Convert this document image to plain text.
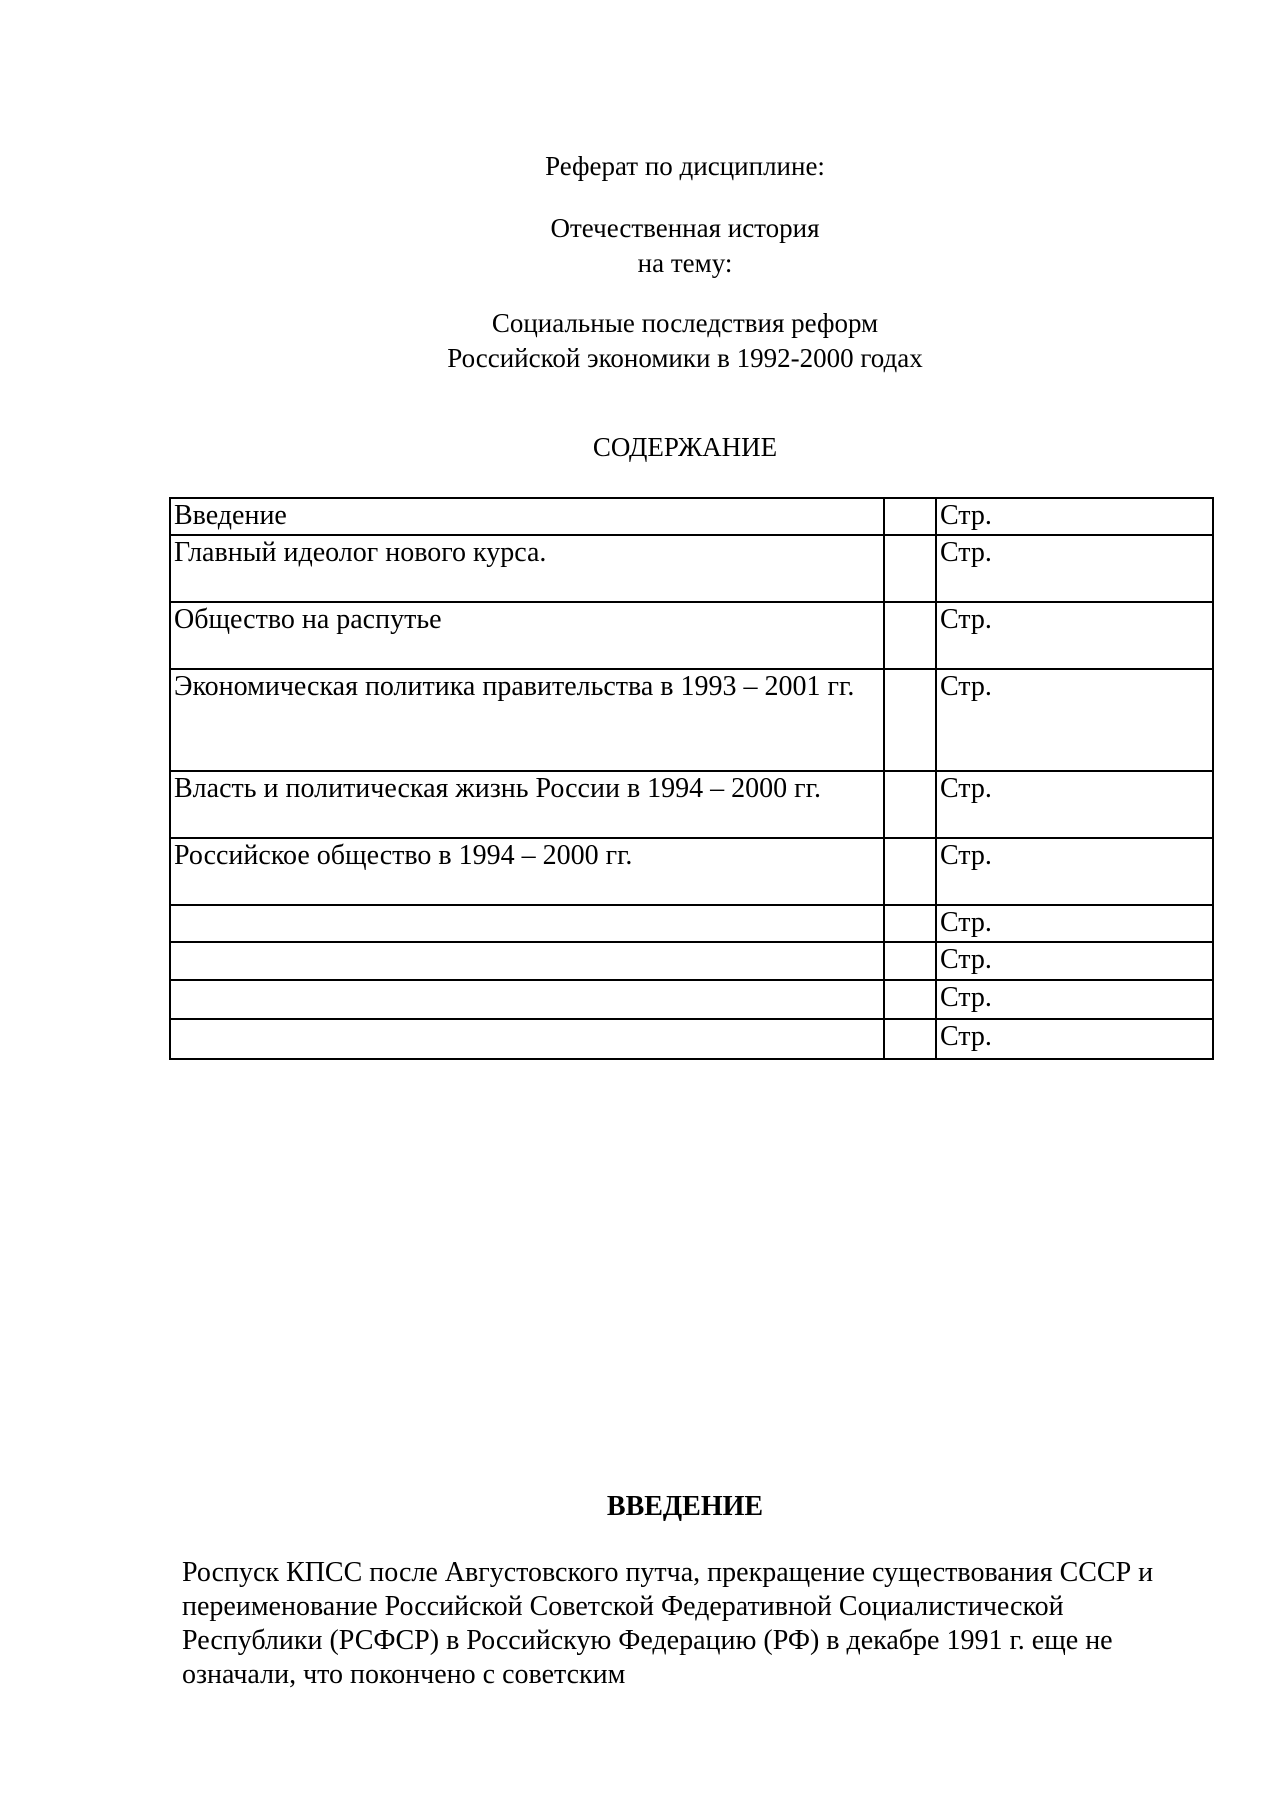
Реферат по дисциплине:
Отечественная история
на тему:
Социальные последствия реформ
Российской экономики в 1992-2000 годах
СОДЕРЖАНИЕ
Введение		Стр.
Главный идеолог нового курса.		Стр.
Общество на распутье		Стр.
Экономическая политика правительства в 1993 – 2001 гг.		Стр.
Власть и политическая жизнь России в 1994 – 2000 гг.		Стр.
Российское общество в 1994 – 2000 гг.		Стр.
		Стр.
		Стр.
		Стр.
		Стр.
ВВЕДЕНИЕ
Роспуск КПСС после Августовского путча, прекращение существования СССР и переименование Российской Советской Федеративной Социалистической Республики (РСФСР) в Российскую Федерацию (РФ) в декабре 1991 г. еще не означали, что покончено с советским
